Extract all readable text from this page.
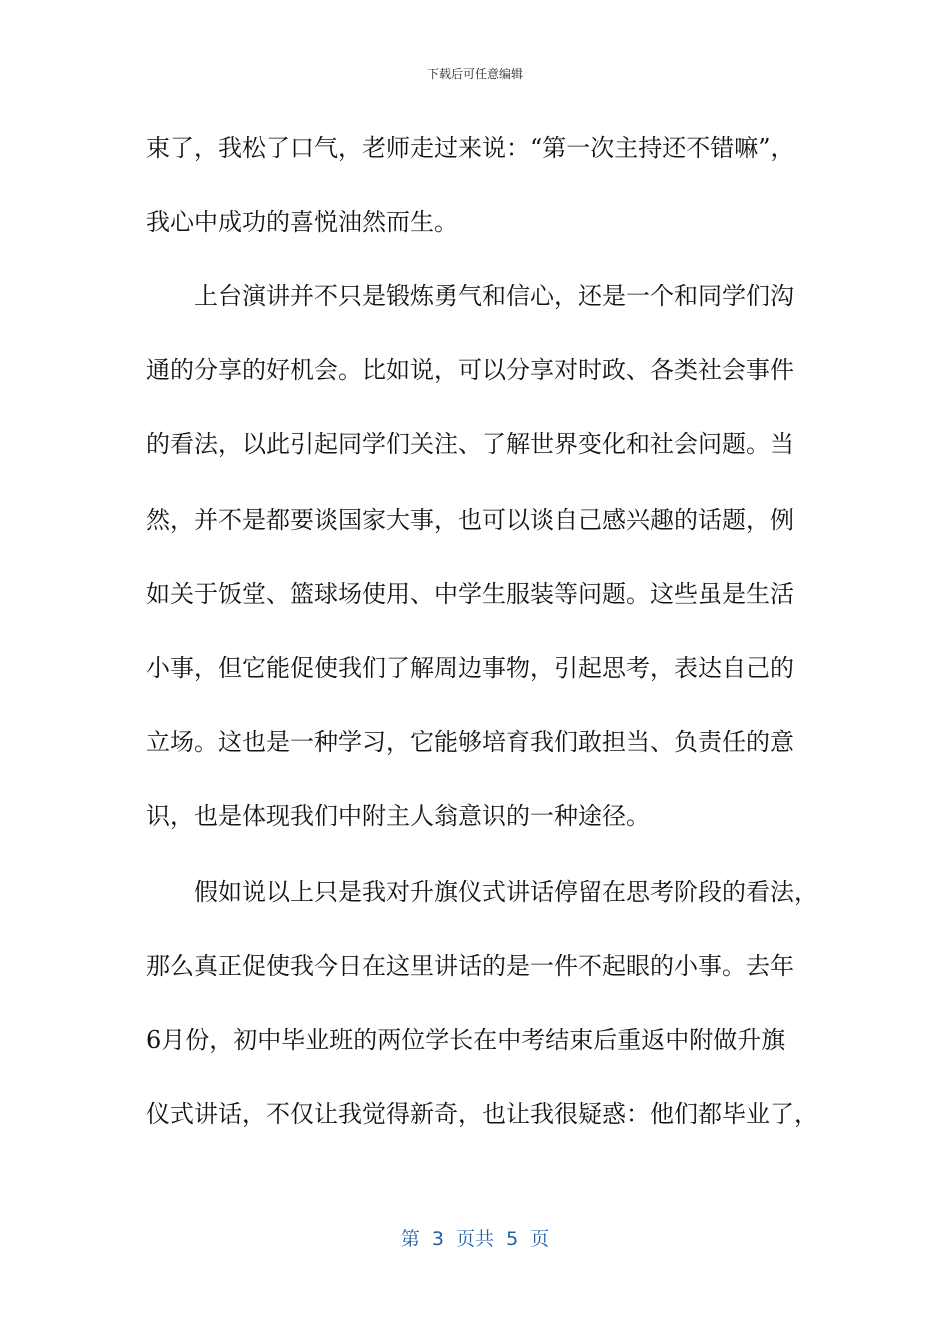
下载后可任意编辑
束了，我松了口气，老师走过来说：“第一次主持还不错嘛”，
我心中成功的喜悦油然而生。
上台演讲并不只是锻炼勇气和信心，还是一个和同学们沟
通的分享的好机会。比如说，可以分享对时政、各类社会事件
的看法，以此引起同学们关注、了解世界变化和社会问题。当
然，并不是都要谈国家大事，也可以谈自己感兴趣的话题，例
如关于饭堂、篮球场使用、中学生服装等问题。这些虽是生活
小事，但它能促使我们了解周边事物，引起思考，表达自己的
立场。这也是一种学习，它能够培育我们敢担当、负责任的意
识，也是体现我们中附主人翁意识的一种途径。
假如说以上只是我对升旗仪式讲话停留在思考阶段的看法，
那么真正促使我今日在这里讲话的是一件不起眼的小事。去年
6月份，初中毕业班的两位学长在中考结束后重返中附做升旗
仪式讲话，不仅让我觉得新奇，也让我很疑惑：他们都毕业了，
第  3  页共  5  页
